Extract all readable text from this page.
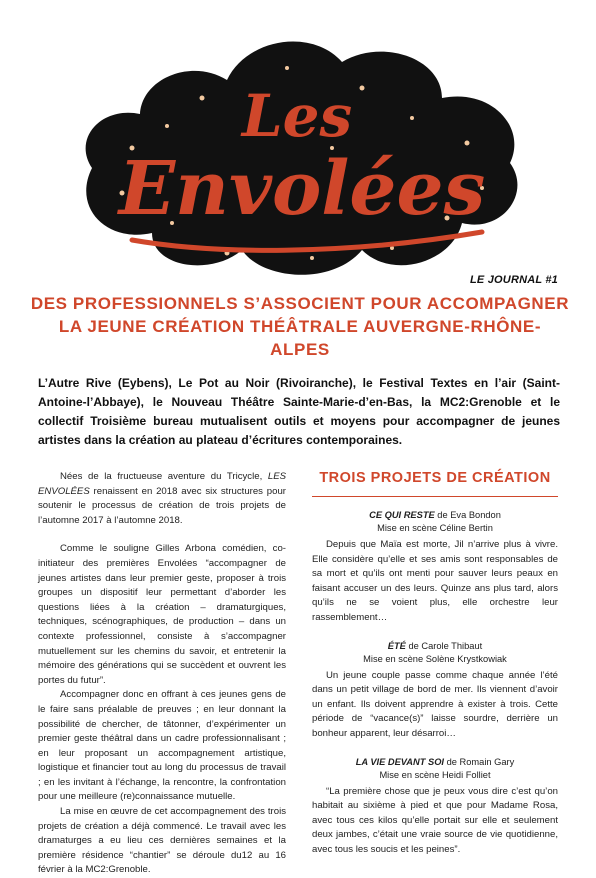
Les
Envolées
LE JOURNAL #1
DES PROFESSIONNELS S’ASSOCIENT POUR ACCOMPAGNER
LA JEUNE CRÉATION THÉÂTRALE AUVERGNE-RHÔNE-ALPES
L’Autre Rive (Eybens), Le Pot au Noir (Rivoiranche), le Festival Textes en l’air (Saint-Antoine-l’Abbaye), le Nouveau Théâtre Sainte-Marie-d’en-Bas, la MC2:Grenoble et le collectif Troisième bureau mutualisent outils et moyens pour accompagner de jeunes artistes dans la création au plateau d’écritures contemporaines.

Nées de la fructueuse aventure du Tricycle, LES ENVOLÉES renaissent en 2018 avec six structures pour soutenir le processus de création de trois projets de l’automne 2017 à l’automne 2018.

Comme le souligne Gilles Arbona comédien, co-initiateur des premières Envolées “accompagner de jeunes artistes dans leur premier geste, proposer à trois groupes un dispositif leur permettant d’aborder les questions liées à la création – dramaturgiques, techniques, scénographiques, de production – dans un contexte professionnel, consiste à s’accompagner mutuellement sur les chemins du savoir, et entretenir la mémoire des générations qui se succèdent et ouvrent les portes du futur”.

Accompagner donc en offrant à ces jeunes gens de le faire sans préalable de preuves ; en leur donnant la possibilité de chercher, de tâtonner, d’expérimenter un premier geste théâtral dans un cadre professionnalisant ; en leur proposant un accompagnement artistique, logistique et financier tout au long du processus de travail ; en les invitant à l’échange, la rencontre, la confrontation pour une meilleure (re)connaissance mutuelle.

La mise en œuvre de cet accompagnement des trois projets de création a déjà commencé. Le travail avec les dramaturges a eu lieu ces dernières semaines et la première résidence “chantier” se déroule du12 au 16 février à la MC2:Grenoble.

TROIS PROJETS DE CRÉATION
CE QUI RESTE de Eva Bondon
Mise en scène Céline Bertin
Depuis que Maïa est morte, Jil n’arrive plus à vivre. Elle considère qu’elle et ses amis sont responsables de sa mort et qu’ils ont menti pour sauver leurs peaux en faisant accuser un des leurs. Quinze ans plus tard, alors qu’ils ne se voient plus, elle orchestre leur rassemblement…
ÉTÉ de Carole Thibaut
Mise en scène Solène Krystkowiak
Un jeune couple passe comme chaque année l’été dans un petit village de bord de mer. Ils viennent d’avoir un enfant. Ils doivent apprendre à exister à trois. Cette période de “vacance(s)” laisse sourdre, derrière un bonheur apparent, leur désarroi…
LA VIE DEVANT SOI de Romain Gary
Mise en scène Heidi Folliet
“La première chose que je peux vous dire c’est qu’on habitait au sixième à pied et que pour Madame Rosa, avec tous ces kilos qu’elle portait sur elle et seulement deux jambes, c’était une vraie source de vie quotidienne, avec tous les soucis et les peines”.
